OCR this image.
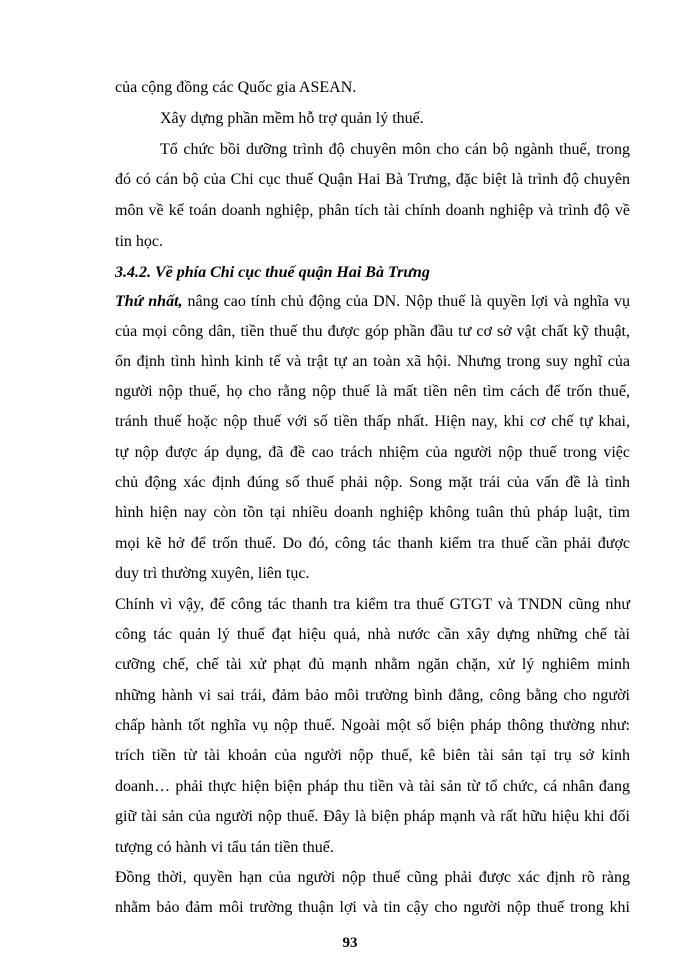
của cộng đồng các Quốc gia ASEAN.
Xây dựng phần mềm hỗ trợ quản lý thuế.
Tổ chức bồi dưỡng trình độ chuyên môn cho cán bộ ngành thuế, trong
đó có cán bộ của Chi cục thuế Quận Hai Bà Trưng, đặc biệt là trình độ chuyên
môn về kế toán doanh nghiệp, phân tích tài chính doanh nghiệp và trình độ về
tin học.
3.4.2. Về phía Chi cục thuế quận Hai Bà Trưng
Thứ nhất, nâng cao tính chủ động của DN. Nộp thuế là quyền lợi và nghĩa vụ
của mọi công dân, tiền thuế thu được góp phần đầu tư cơ sở vật chất kỹ thuật,
ổn định tình hình kinh tế và trật tự an toàn xã hội. Nhưng trong suy nghĩ của
người nộp thuế, họ cho rằng nộp thuế là mất tiền nên tìm cách để trốn thuế,
tránh thuế hoặc nộp thuế với số tiền thấp nhất. Hiện nay, khi cơ chế tự khai,
tự nộp được áp dụng, đã đề cao trách nhiệm của người nộp thuế trong việc
chủ động xác định đúng số thuế phải nộp. Song mặt trái của vấn đề là tình
hình hiện nay còn tồn tại nhiều doanh nghiệp không tuân thủ pháp luật, tìm
mọi kẽ hở để trốn thuế. Do đó, công tác thanh kiểm tra thuế cần phải được
duy trì thường xuyên, liên tục.
Chính vì vậy, để công tác thanh tra kiểm tra thuế GTGT và TNDN cũng như
công tác quản lý thuế đạt hiệu quả, nhà nước cần xây dựng những chế tài
cưỡng chế, chế tài xử phạt đủ mạnh nhằm ngăn chặn, xử lý nghiêm minh
những hành vi sai trái, đảm bảo môi trường bình đẳng, công bằng cho người
chấp hành tốt nghĩa vụ nộp thuế. Ngoài một số biện pháp thông thường như:
trích tiền từ tài khoản của người nộp thuế, kê biên tài sản tại trụ sở kinh
doanh… phải thực hiện biện pháp thu tiền và tài sản từ tổ chức, cá nhân đang
giữ tài sản của người nộp thuế. Đây là biện pháp mạnh và rất hữu hiệu khi đối
tượng có hành vi tẩu tán tiền thuế.
Đồng thời, quyền hạn của người nộp thuế cũng phải được xác định rõ ràng
nhằm bảo đảm môi trường thuận lợi và tin cậy cho người nộp thuế trong khi
93
